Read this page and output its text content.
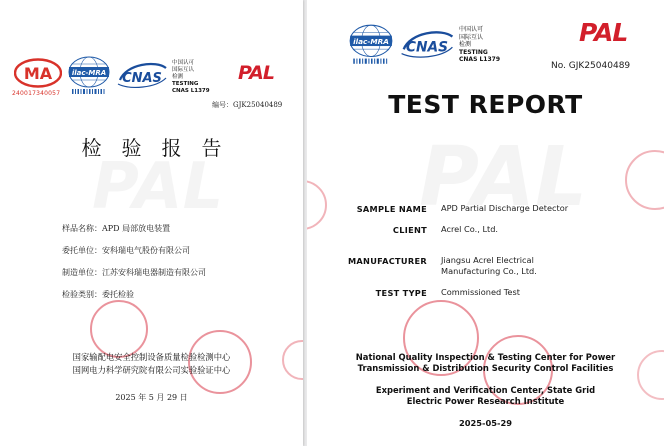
MA
240017340057
ilac-MRA CNAS
中国认可
国际互认
检测
TESTING
CNAS L1379
PAL
编号：GJK25040489
检验报告
样品名称：APD 局部放电装置
委托单位：安科瑞电气股份有限公司
制造单位：江苏安科瑞电器制造有限公司
检验类别：委托检验
国家输配电安全控制设备质量检验检测中心
国网电力科学研究院有限公司实验验证中心
2025 年 5 月 29 日
ilac-MRA CNAS
中国认可
国际互认
检测
TESTING
CNAS L1379
PAL
No. GJK25040489
TEST REPORT
SAMPLE NAME APD Partial Discharge Detector
CLIENT Acrel Co., Ltd.
MANUFACTURER Jiangsu Acrel Electrical
Manufacturing Co., Ltd.
TEST TYPE Commissioned Test
National Quality Inspection & Testing Center for Power
Transmission & Distribution Security Control Facilities
Experiment and Verification Center, State Grid
Electric Power Research Institute
2025-05-29
